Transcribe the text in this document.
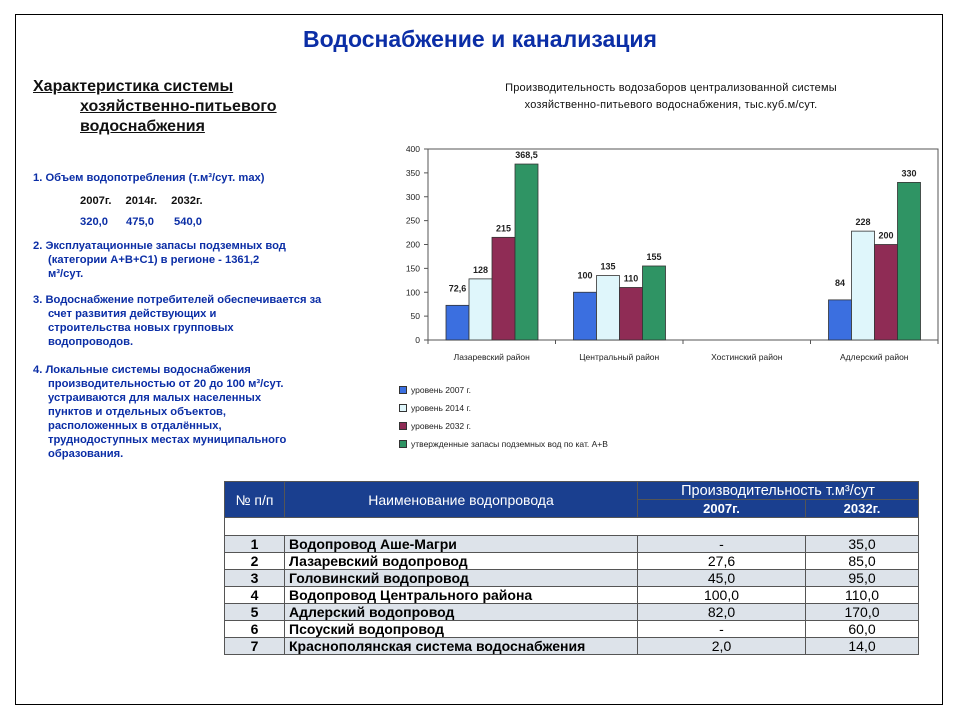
Водоснабжение и канализация
Характеристика системы
хозяйственно-питьевого
водоснабжения
1. Объем водопотребления (т.м³/сут. max)
2007г. 2014г. 2032г.
320,0 475,0 540,0
2. Эксплуатационные запасы подземных вод
(категории А+В+С1) в регионе - 1361,2
м³/сут.
3. Водоснабжение потребителей обеспечивается за
счет развития действующих и
строительства новых групповых
водопроводов.
4. Локальные системы водоснабжения
производительностью от 20 до 100 м³/сут.
устраиваются для малых населенных
пунктов и отдельных объектов,
расположенных в отдалённых,
труднодоступных местах муниципального
образования.
Производительность водозаборов централизованной системы
хозяйственно-питьевого водоснабжения, тыс.куб.м/сут.
0
50
100
150
200
250
300
350
400
Лазаревский район
72,6
128
215
368,5
Центральный район
100
135
110
155
Хостинский район	Адлерский район
84
228
200
330
уровень 2007 г.
уровень 2014 г.
уровень 2032 г.
утвержденные запасы подземных вод по кат. А+В
№ п/п	Наименование водопровода	Производительность т.м³/сут	
		2007г.	2032г.

1	Водопровод Аше-Магри	-	35,0
2	Лазаревский водопровод	27,6	85,0
3	Головинский водопровод	45,0	95,0
4	Водопровод Центрального района	100,0	110,0
5	Адлерский водопровод	82,0	170,0
6	Псоуский водопровод	-	60,0
7	Краснополянская система водоснабжения	2,0	14,0
